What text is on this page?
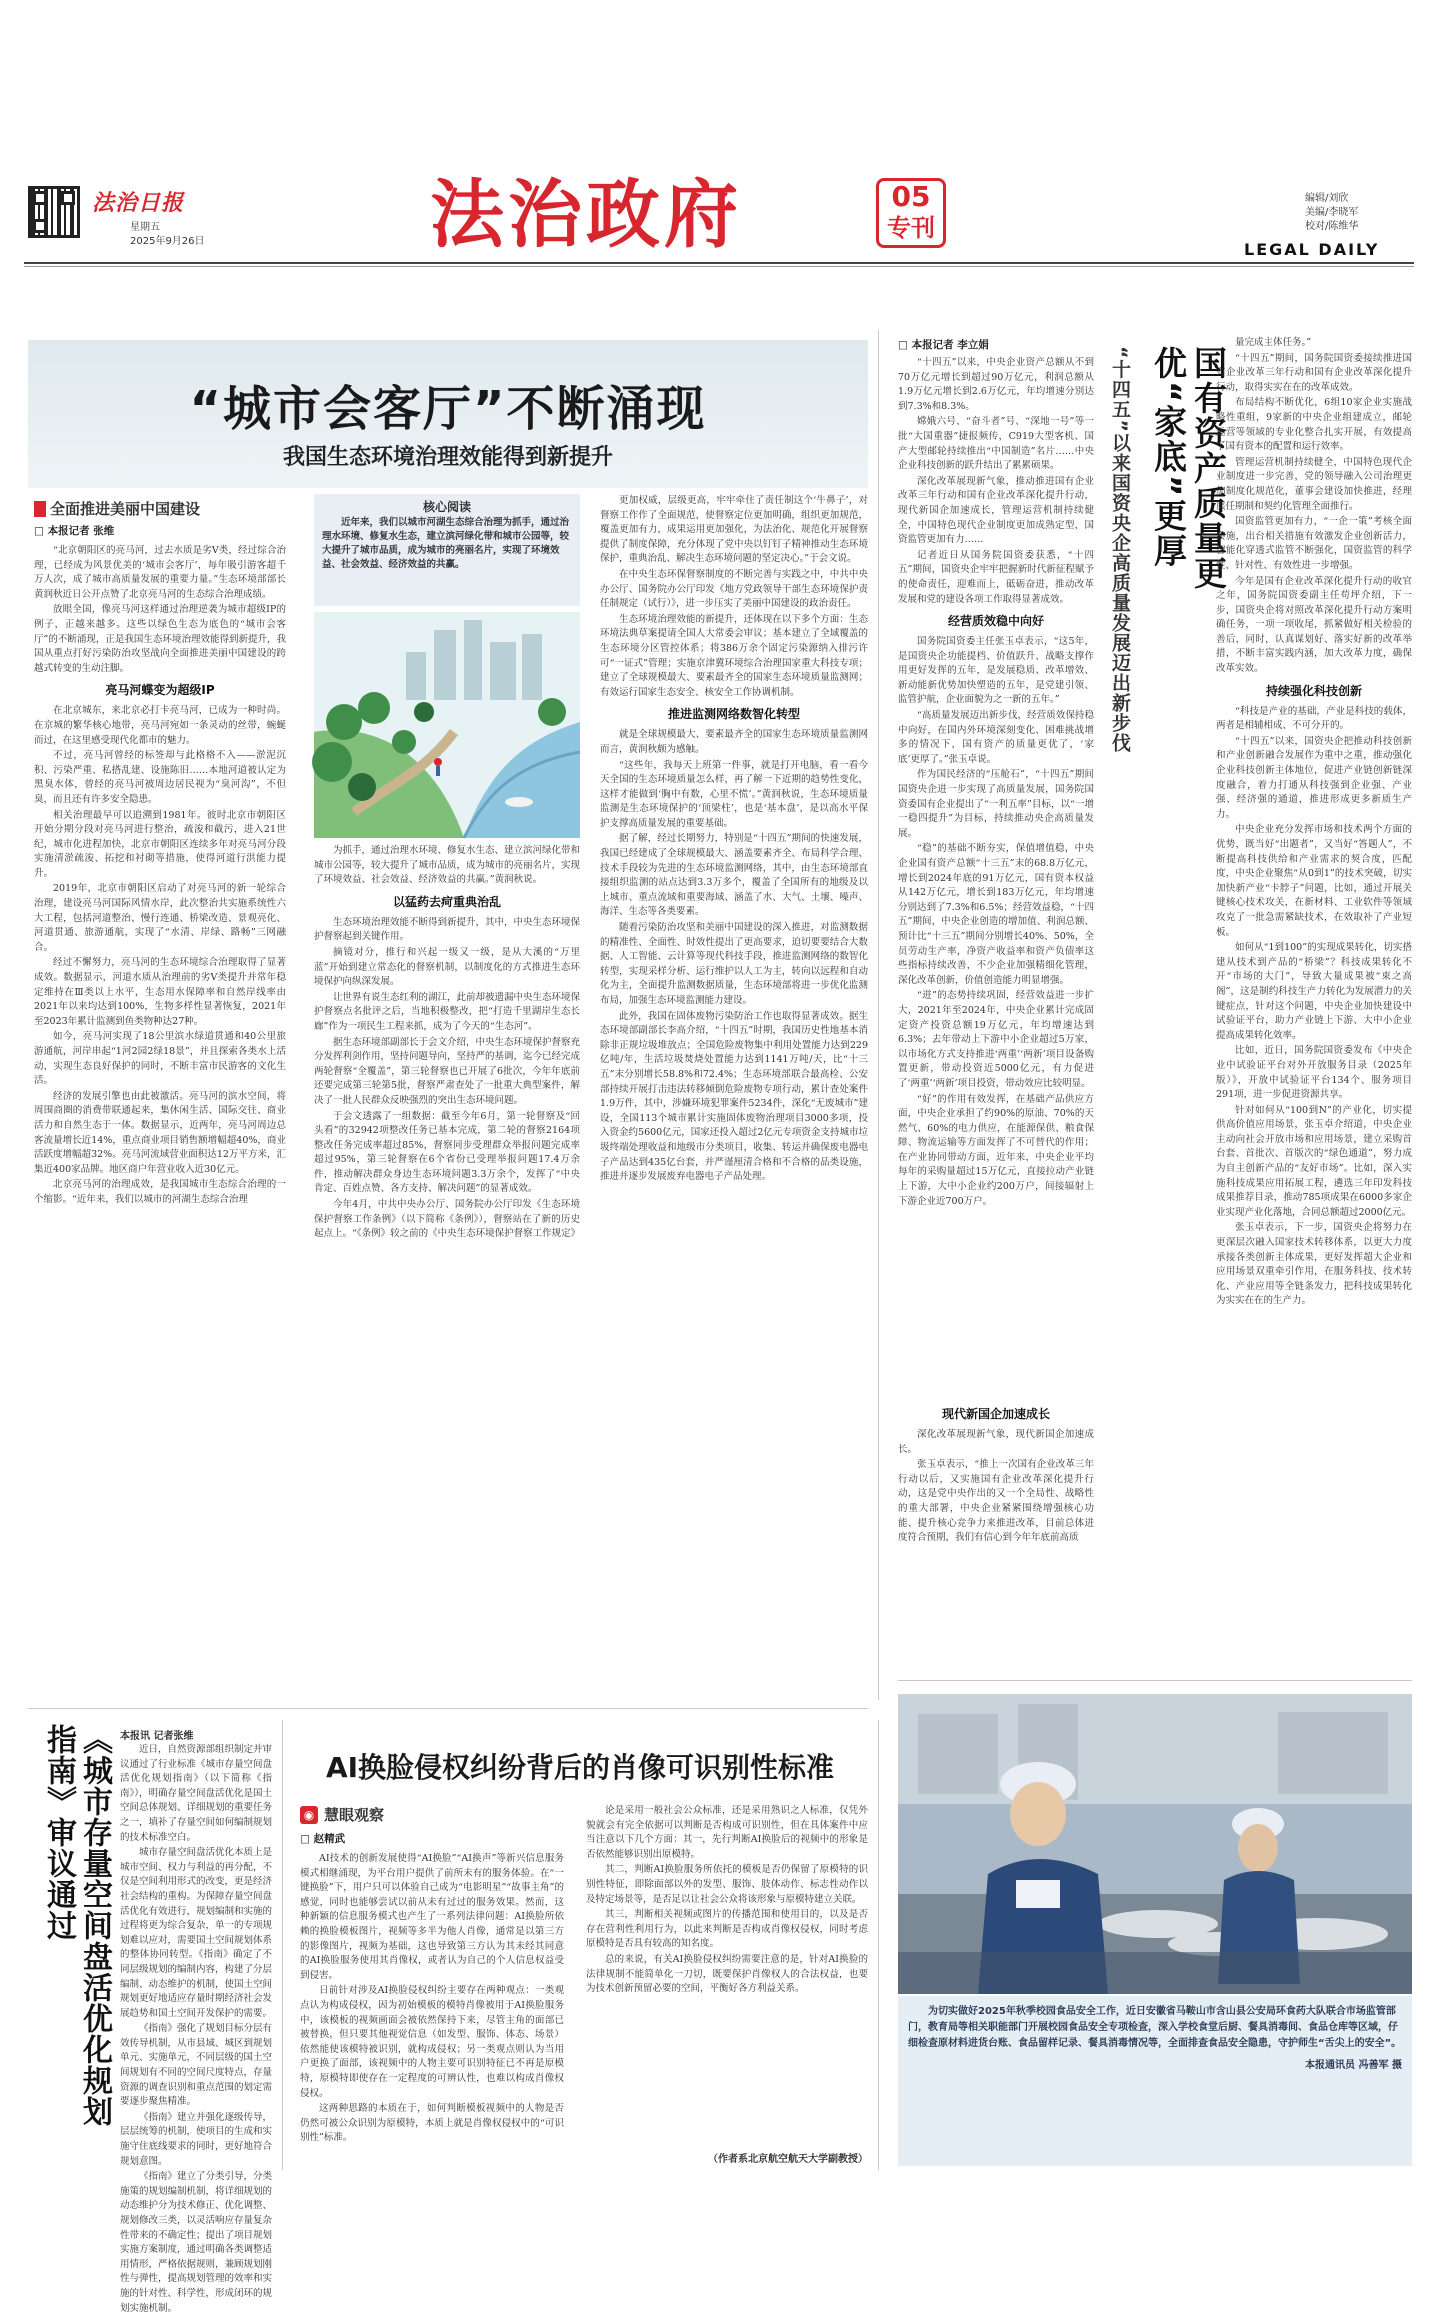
法治日报
星期五
2025年9月26日	法治政府	05
专刊
编辑/刘欣
美编/李晓军
校对/陈维华
LEGAL DAILY
“城市会客厅”不断涌现
我国生态环境治理效能得到新提升
全面推进美丽中国建设
□ 本报记者 张维

“北京朝阳区的亮马河，过去水质是劣Ⅴ类，经过综合治理，已经成为风景优美的‘城市会客厅’，每年吸引游客超千万人次，成了城市高质量发展的重要力量。”生态环境部部长黄润秋近日公开点赞了北京亮马河的生态综合治理成绩。

放眼全国，像亮马河这样通过治理逆袭为城市超级IP的例子，正越来越多。这些以绿色生态为底色的“城市会客厅”的不断涌现，正是我国生态环境治理效能得到新提升，我国从重点打好污染防治攻坚战向全面推进美丽中国建设的跨越式转变的生动注脚。

亮马河蝶变为超级IP

在北京城东，来北京必打卡亮马河，已成为一种时尚。在京城的繁华核心地带，亮马河宛如一条灵动的丝带，蜿蜒而过，在这里感受现代化都市的魅力。

不过，亮马河曾经的标签却与此格格不入——淤泥沉积、污染严重、私搭乱建、设施陈旧……本地河道被认定为黑臭水体，曾经的亮马河被周边居民视为“臭河沟”，不但臭，而且还有许多安全隐患。

相关治理最早可以追溯到1981年。彼时北京市朝阳区开始分期分段对亮马河进行整治，疏浚和截污，进入21世纪，城市化进程加快，北京市朝阳区连续多年对亮马河分段实施清淤疏浚、拓挖和衬砌等措施，使得河道行洪能力提升。

2019年，北京市朝阳区启动了对亮马河的新一轮综合治理，建设亮马河国际风情水岸，此次整治共实施系统性六大工程，包括河道整治、慢行连通、桥梁改造、景观亮化、河道贯通、旅游通航，实现了“水清、岸绿、路畅”三网融合。

经过不懈努力，亮马河的生态环境综合治理取得了显著成效。数据显示，河道水质从治理前的劣Ⅴ类提升并常年稳定维持在Ⅲ类以上水平，生态用水保障率和自然岸线率由2021年以来均达到100%，生物多样性显著恢复，2021年至2023年累计监测到鱼类物种达27种。

如今，亮马河实现了18公里滨水绿道贯通和40公里旅游通航，河岸串起“1河2园2绿18景”，并且探索各类水上活动，实现生态良好保护的同时，不断丰富市民游客的文化生活。

经济的发展引擎也由此被激活。亮马河的滨水空间，将周围商圈的消费带联通起来，集休闲生活、国际交往、商业活力和自然生态于一体。数据显示，近两年，亮马河周边总客流量增长近14%，重点商业项目销售额增幅超40%，商业活跃度增幅超32%。亮马河流域营业面积达12万平方米，汇集近400家品牌。地区商户年营业收入近30亿元。

北京亮马河的治理成效，是我国城市生态综合治理的一个缩影。“近年来，我们以城市的河湖生态综合治理

核心阅读
近年来，我们以城市河湖生态综合治理为抓手，通过治理水环境、修复水生态，建立滨河绿化带和城市公园等，较大提升了城市品质，成为城市的亮丽名片，实现了环境效益、社会效益、经济效益的共赢。

为抓手，通过治理水环境、修复水生态、建立滨河绿化带和城市公园等，较大提升了城市品质，成为城市的亮丽名片，实现了环境效益、社会效益、经济效益的共赢。”黄润秋说。

以猛药去疴重典治乱

生态环境治理效能不断得到新提升，其中，中央生态环境保护督察起到关键作用。

摘镜对分，推行和兴起一级又一级，是从大溪的“万里蓝”开始到建立常态化的督察机制，以制度化的方式推进生态环境保护向纵深发展。

让世界有说生态红利的湖江，此前却被遗漏中央生态环境保护督察点名批评之后，当地积极整改，把“打造千里湖岸生态长廊”作为一项民生工程来抓，成为了今天的“生态河”。

据生态环境部副部长于会文介绍，中央生态环境保护督察充分发挥利剑作用，坚持问题导向，坚持严的基调，迄今已经完成两轮督察“全覆盖”，第三轮督察也已开展了6批次，今年年底前还要完成第三轮第5批，督察严肃查处了一批重大典型案件，解决了一批人民群众反映强烈的突出生态环境问题。

于会文透露了一组数据：截至今年6月，第一轮督察及“回头看”的32942项整改任务已基本完成，第二轮的督察2164项整改任务完成率超过85%，督察同步受理群众举报问题完成率超过95%，第三轮督察在6个省份已受理举报问题17.4万余件，推动解决群众身边生态环境问题3.3万余个，发挥了“中央肯定、百姓点赞、各方支持、解决问题”的显著成效。

今年4月，中共中央办公厅、国务院办公厅印发《生态环境保护督察工作条例》（以下简称《条例》），督察站在了新的历史起点上。“《条例》较之前的《中央生态环境保护督察工作规定》

更加权威，层级更高，牢牢牵住了责任制这个‘牛鼻子’，对督察工作作了全面规范，使督察定位更加明确，组织更加规范，覆盖更加有力，成果运用更加强化，为法治化、规范化开展督察提供了制度保障，充分体现了党中央以钉钉子精神推动生态环境保护，重典治乱、解决生态环境问题的坚定决心。”于会文说。

在中央生态环保督察制度的不断完善与实践之中，中共中央办公厅、国务院办公厅印发《地方党政领导干部生态环境保护责任制规定（试行）》，进一步压实了美丽中国建设的政治责任。

生态环境治理效能的新提升，还体现在以下多个方面：生态环境法典草案提请全国人大常委会审议；基本建立了全域覆盖的生态环境分区管控体系；将386万余个固定污染源纳入排污许可“一证式”管理；实施京津冀环境综合治理国家重大科技专项；建立了全球规模最大、要素最齐全的国家生态环境质量监测网；有效运行国家生态安全、核安全工作协调机制。

推进监测网络数智化转型

就是全球规模最大、要素最齐全的国家生态环境质量监测网而言，黄润秋颇为感触。

“这些年，我每天上班第一件事，就是打开电脑，看一看今天全国的生态环境质量怎么样，再了解一下近期的趋势性变化，这样才能做到‘胸中有数，心里不慌’。”黄润秋说，生态环境质量监测是生态环境保护的‘顶梁柱’，也是‘基本盘’，是以高水平保护支撑高质量发展的重要基础。

据了解，经过长期努力，特别是“十四五”期间的快速发展，我国已经建成了全球规模最大、涵盖要素齐全、布局科学合理、技术手段较为先进的生态环境监测网络，其中，由生态环境部直接组织监测的站点达到3.3万多个，覆盖了全国所有的地级及以上城市、重点流域和重要海域、涵盖了水、大气、土壤、噪声、海洋、生态等各类要素。

随着污染防治攻坚和美丽中国建设的深入推进，对监测数据的精准性、全面性、时效性提出了更高要求，迫切要要结合大数据、人工智能、云计算等现代科技手段，推进监测网络的数智化转型，实现采样分析、运行维护以人工为主，转向以远程和自动化为主，全面提升监测数据质量，生态环境部将进一步优化监测布局，加强生态环境监测能力建设。

此外，我国在固体废物污染防治工作也取得显著成效。据生态环境部副部长李高介绍，“十四五”时期，我国历史性地基本消除非正规垃圾堆放点；全国危险废物集中利用处置能力达到229亿吨/年，生活垃圾焚烧处置能力达到1141万吨/天，比“十三五”末分别增长58.8%和72.4%；生态环境部联合最高检、公安部持续开展打击违法转移倾倒危险废物专项行动，累计查处案件1.9万件，其中，涉嫌环境犯罪案件5234件，深化“无废城市”建设，全国113个城市累计实施固体废物治理项目3000多项，投入资金约5600亿元，国家还投入超过2亿元专项资金支持城市垃圾终端处理收益和地级市分类项目，收集、转运并确保废电器电子产品达到435亿台套，并严谨厘清合格和不合格的品类设施，推进并逐步发展废弃电器电子产品处理。

□ 本报记者 李立娟

“十四五”以来，中央企业资产总额从不到70万亿元增长到超过90万亿元，利润总额从1.9万亿元增长到2.6万亿元，年均增速分别达到7.3%和8.3%。

嫦娥六号、“奋斗者”号、“深地一号”等一批“大国重器”捷报频传，C919大型客机、国产大型邮轮持续推出“中国制造”名片……中央企业科技创新的跃升结出了累累硕果。

深化改革展现新气象，推动推进国有企业改革三年行动和国有企业改革深化提升行动，现代新国企加速成长，管理运营机制持续健全，中国特色现代企业制度更加成熟定型，国资监管更加有力……

记者近日从国务院国资委获悉，“十四五”期间，国资央企牢牢把握新时代新征程赋予的使命责任，迎难而上，砥砺奋进，推动改革发展和党的建设各项工作取得显著成效。

经营质效稳中向好

国务院国资委主任张玉卓表示，“这5年，是国资央企功能提档、价值跃升、战略支撑作用更好发挥的五年，是发展稳质、改革增效、新动能新优势加快塑造的五年，是党建引领、监管护航，企业面貌为之一新的五年。”

“高质量发展迈出新步伐，经营质效保持稳中向好，在国内外环境深刻变化、困难挑战增多的情况下，国有资产的质量更优了，‘家底’更厚了。”张玉卓说。

作为国民经济的“压舱石”，“十四五”期间国资央企进一步实现了高质量发展，国务院国资委国有企业提出了“一利五率”目标，以“一增一稳四提升”为目标，持续推动央企高质量发展。

“稳”的基础不断夯实，保值增值稳，中央企业国有资产总额“十三五”末的68.8万亿元，增长到2024年底的91万亿元，国有资本权益从142万亿元，增长到183万亿元，年均增速分别达到了7.3%和6.5%；经营效益稳，“十四五”期间，中央企业创造的增加值、利润总额、预计比“十三五”期间分别增长40%、50%，全员劳动生产率，净资产收益率和资产负债率这些指标持续改善，不少企业加强精细化管理，深化改革创新，价值创造能力明显增强。

“进”的态势持续巩固，经营效益进一步扩大，2021年至2024年，中央企业累计完成固定资产投资总额19万亿元，年均增速达到6.3%；去年带动上下游中小企业超过5万家，以市场化方式支持推进‘两重’‘两新’项目设备购置更新，带动投资近5000亿元，有力促进了‘两重’‘两新’项目投资，带动效应比较明显。

“好”的作用有效发挥，在基础产品供应方面，中央企业承担了约90%的原油、70%的天然气、60%的电力供应，在能源保供、粮食保障、物流运输等方面发挥了不可替代的作用；在产业协同带动方面，近年来，中央企业平均每年的采购量超过15万亿元，直接拉动产业链上下游，大中小企业约200万户，间接辐射上下游企业近700万户。

现代新国企加速成长

深化改革展现新气象，现代新国企加速成长。

张玉卓表示，“推上一次国有企业改革三年行动以后，又实施国有企业改革深化提升行动，这是党中央作出的又一个全局性、战略性的重大部署，中央企业紧紧围绕增强核心功能、提升核心竞争力来推进改革，目前总体进度符合预期，我们有信心到今年年底前高质

“十四五”以来国资央企高质量发展迈出新步伐	国有资产质量更优“家底”更厚

量完成主体任务。”

“十四五”期间，国务院国资委接续推进国有企业改革三年行动和国有企业改革深化提升行动，取得实实在在的改革成效。

布局结构不断优化，6组10家企业实施战略性重组，9家新的中央企业组建成立，邮轮运营等领域的专业化整合扎实开展，有效提高了国有资本的配置和运行效率。

管理运营机制持续健全，中国特色现代企业制度进一步完善，党的领导融入公司治理更加制度化规范化，董事会建设加快推进，经理层任期制和契约化管理全面推行。

国资监管更加有力，“一企一策”考核全面实施，出台相关措施有效激发企业创新活力，智能化穿透式监管不断强化，国资监管的科学性、针对性、有效性进一步增强。

今年是国有企业改革深化提升行动的收官之年，国务院国资委副主任苟坪介绍，下一步，国资央企将对照改革深化提升行动方案明确任务，一项一项收尾，抓紧做好相关检验的善后，同时，认真谋划好、落实好新的改革举措，不断丰富实践内涵，加大改革力度，确保改革实效。

持续强化科技创新

“科技是产业的基础，产业是科技的载体，两者是相辅相成、不可分开的。

“十四五”以来，国资央企把推动科技创新和产业创新融合发展作为重中之重，推动强化企业科技创新主体地位，促进产业链创新链深度融合，着力打通从科技强到企业强、产业强、经济强的通道，推进形成更多新质生产力。

中央企业充分发挥市场和技术两个方面的优势，既当好“出题者”，又当好“答题人”，不断提高科技供给和产业需求的契合度，匹配度，中央企业聚焦“从0到1”的技术突破，切实加快新产业“卡脖子”问题，比如，通过开展关键核心技术攻关，在新材料、工业软件等领域攻克了一批急需紧缺技术，在效取补了产业短板。

如何从“1到100”的实现成果转化，切实搭建从技术到产品的“桥梁”？科技成果转化不开“市场的大门”，导致大量成果被“束之高阁”，这是制约科技生产力转化为发展潜力的关键症点，针对这个问题，中央企业加快建设中试验证平台，助力产业链上下游、大中小企业提高成果转化效率。

比如，近日，国务院国资委发布《中央企业中试验证平台对外开放服务目录（2025年版）》，开放中试验证平台134个、服务项目291项，进一步促进资源共享。

针对如何从“100到N”的产业化，切实提供高价值应用场景，张玉卓介绍道，中央企业主动向社会开放市场和应用场景，建立采购首台套、首批次、首版次的“绿色通道”，努力成为自主创新产品的“友好市场”。比如，深入实施科技成果应用拓展工程，遴选三年印发科技成果推荐目录，推动785项成果在6000多家企业实现产业化落地，合同总额超过2000亿元。

张玉卓表示，下一步，国资央企将努力在更深层次融入国家技术转移体系，以更大力度承接各类创新主体成果，更好发挥超大企业和应用场景双重牵引作用，在服务科技、技术转化、产业应用等全链条发力，把科技成果转化为实实在在的生产力。

《城市存量空间盘活优化规划指南》审议通过	本报讯 记者张维

近日，自然资源部组织制定并审议通过了行业标准《城市存量空间盘活优化规划指南》（以下简称《指南》），明确存量空间盘活优化是国土空间总体规划、详细规划的重要任务之一，填补了存量空间如何编制规划的技术标准空白。

城市存量空间盘活优化本质上是城市空间、权力与利益的再分配，不仅是空间利用形式的改变，更是经济社会结构的重构。为保障存量空间盘活优化有效进行，规划编制和实施的过程将更为综合复杂，单一的专项规划难以应对，需要国土空间规划体系的整体协同转型。《指南》确定了不同层级规划的编制内容，构建了分层编制、动态维护的机制，使国土空间规划更好地适应存量时期经济社会发展趋势和国土空间开发保护的需要。

《指南》强化了规划目标分层有效传导机制，从市县域、城区到规划单元、实施单元，不同层级的国土空间规划有不同的空间尺度特点，存量资源的调查识别和重点范围的划定需要逐步聚焦精准。

《指南》建立并强化逐级传导，层层统筹的机制，使项目的生成和实施守住底线要求的同时，更好地符合规划意图。

《指南》建立了分类引导，分类施策的规划编制机制，将详细规划的动态维护分为技术修正、优化调整、规划修改三类，以灵活响应存量复杂性带来的不确定性；提出了项目规划实施方案制度，通过明确各类调整适用情形，严格依据规则，兼顾规划刚性与弹性，提高规划管理的效率和实施的针对性、科学性，形成闭环的规划实施机制。

AI换脸侵权纠纷背后的肖像可识别性标准
◉ 慧眼观察
□ 赵精武

AI技术的创新发展使得“AI换脸”“AI换声”等新兴信息服务模式相继涌现，为平台用户提供了前所未有的服务体验。在“一键换脸”下，用户只可以体验自己成为“电影明星”“故事主角”的感觉，同时也能够尝试以前从未有过过的服务效果。然而，这种新颖的信息服务模式也产生了一系列法律问题：AI换脸所依赖的换脸模板图片，视频等多半为他人肖像，通常是以第三方的影像图片，视频为基础，这也导致第三方认为其未经其同意的AI换脸服务使用其肖像权，或者认为自己的个人信息权益受到侵害。

日前针对涉及AI换脸侵权纠纷主要存在两种观点：一类观点认为构成侵权，因为初始模板的模特肖像被用于AI换脸服务中，该模板的视频画面会被依然保持下来，尽管主角的面部已被替换，但只要其他视觉信息（如发型、服饰、体态、场景）依然能使该模特被识别，就构成侵权；另一类观点则认为当用户更换了面部，该视频中的人物主要可识别特征已不再是原模特，原模特即使存在一定程度的可辨认性，也难以构成肖像权侵权。

这两种思路的本质在于，如何判断模板视频中的人物是否仍然可被公众识别为原模特，本质上就是肖像权侵权中的“可识别性”标准。

论是采用一般社会公众标准，还是采用熟识之人标准，仅凭外貌就会有完全依据可以判断是否构成可识别性，但在具体案件中应当注意以下几个方面：其一，先行判断AI换脸后的视频中的形象是否依然能够识别出原模特。

其二，判断AI换脸服务所依托的模板是否仍保留了原模特的识别性特征，即除面部以外的发型、服饰、肢体动作、标志性动作以及特定场景等，是否足以让社会公众将该形象与原模特建立关联。

其三，判断相关视频或图片的传播范围和使用目的，以及是否存在营利性利用行为，以此来判断是否构成肖像权侵权，同时考虑原模特是否具有较高的知名度。

总的来说，有关AI换脸侵权纠纷需要注意的是，针对AI换脸的法律规制不能简单化一刀切，既要保护肖像权人的合法权益，也要为技术创新预留必要的空间，平衡好各方利益关系。

（作者系北京航空航天大学副教授）
为切实做好2025年秋季校园食品安全工作，近日安徽省马鞍山市含山县公安局环食药大队联合市场监管部门，教育局等相关职能部门开展校园食品安全专项检查，深入学校食堂后厨、餐具消毒间、食品仓库等区域，仔细检查原材料进货台账、食品留样记录、餐具消毒情况等，全面排查食品安全隐患，守护师生“舌尖上的安全”。
本报通讯员 冯善军 摄
